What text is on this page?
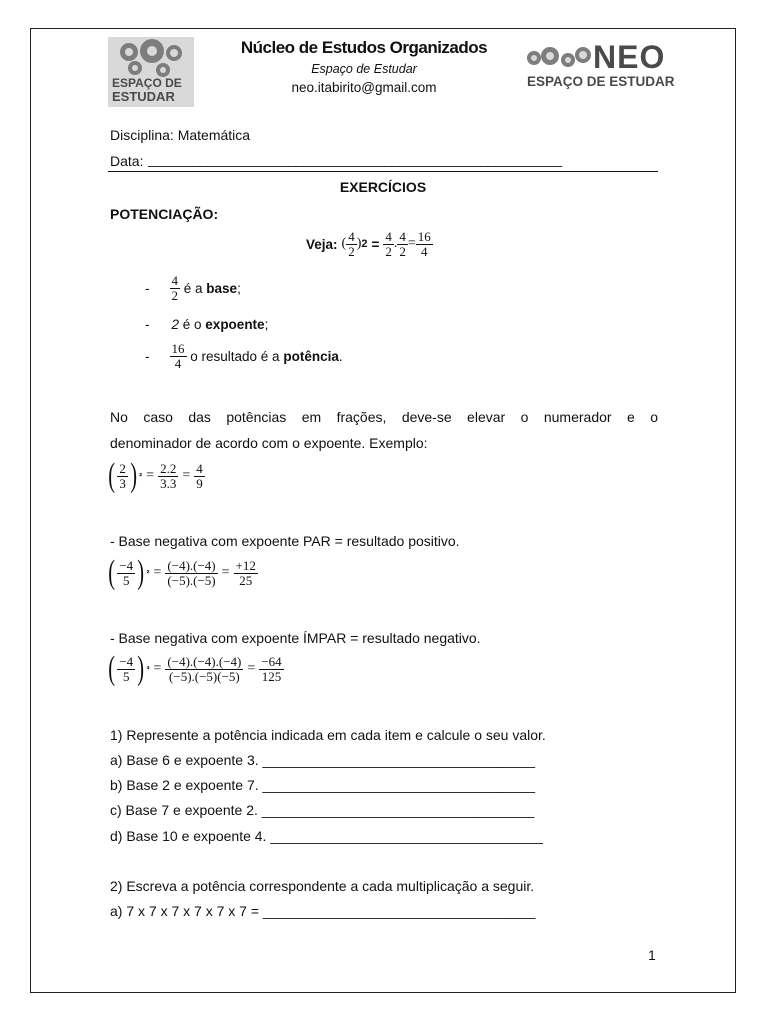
ESPAÇO DE
ESTUDAR
Núcleo de Estudos Organizados
Espaço de Estudar
neo.itabirito@gmail.com
NEO
ESPAÇO DE ESTUDAR
Disciplina: Matemática
Data: ________________________________________________________
EXERCÍCIOS
POTENCIAÇÃO:
Veja: ( $\frac{4}{2}$ ) $2 = \frac{4}{2}$ . $\frac{4}{2} = \frac{16}{4}$
- $\frac{4}{2}$ é a base ;
- 2 é o expoente ;
- $\frac{16}{4}$ o resultado é a potência .
No caso das potências em frações, deve-se elevar o numerador e o
denominador de acordo com o expoente. Exemplo:
( $\frac{2}{3}$ ) $^2 = \frac{2.2}{3.3} = \frac{4}{9}$
- Base negativa com expoente PAR = resultado positivo.
( $\frac{-4}{5}$ ) $^2 = \frac{(-4).(-4)}{(-5).(-5)} = \frac{+12}{25}$
- Base negativa com expoente ÍMPAR = resultado negativo.
( $\frac{-4}{5}$ ) $^3 = \frac{(-4).(-4).(-4)}{(-5).(-5)(-5)} = \frac{-64}{125}$
1) Represente a potência indicada em cada item e calcule o seu valor.
a) Base 6 e expoente 3. ___________________________________
b) Base 2 e expoente 7. ___________________________________
c) Base 7 e expoente 2. ___________________________________
d) Base 10 e expoente 4. ___________________________________
2) Escreva a potência correspondente a cada multiplicação a seguir.
a) 7 x 7 x 7 x 7 x 7 x 7 = ___________________________________
1
